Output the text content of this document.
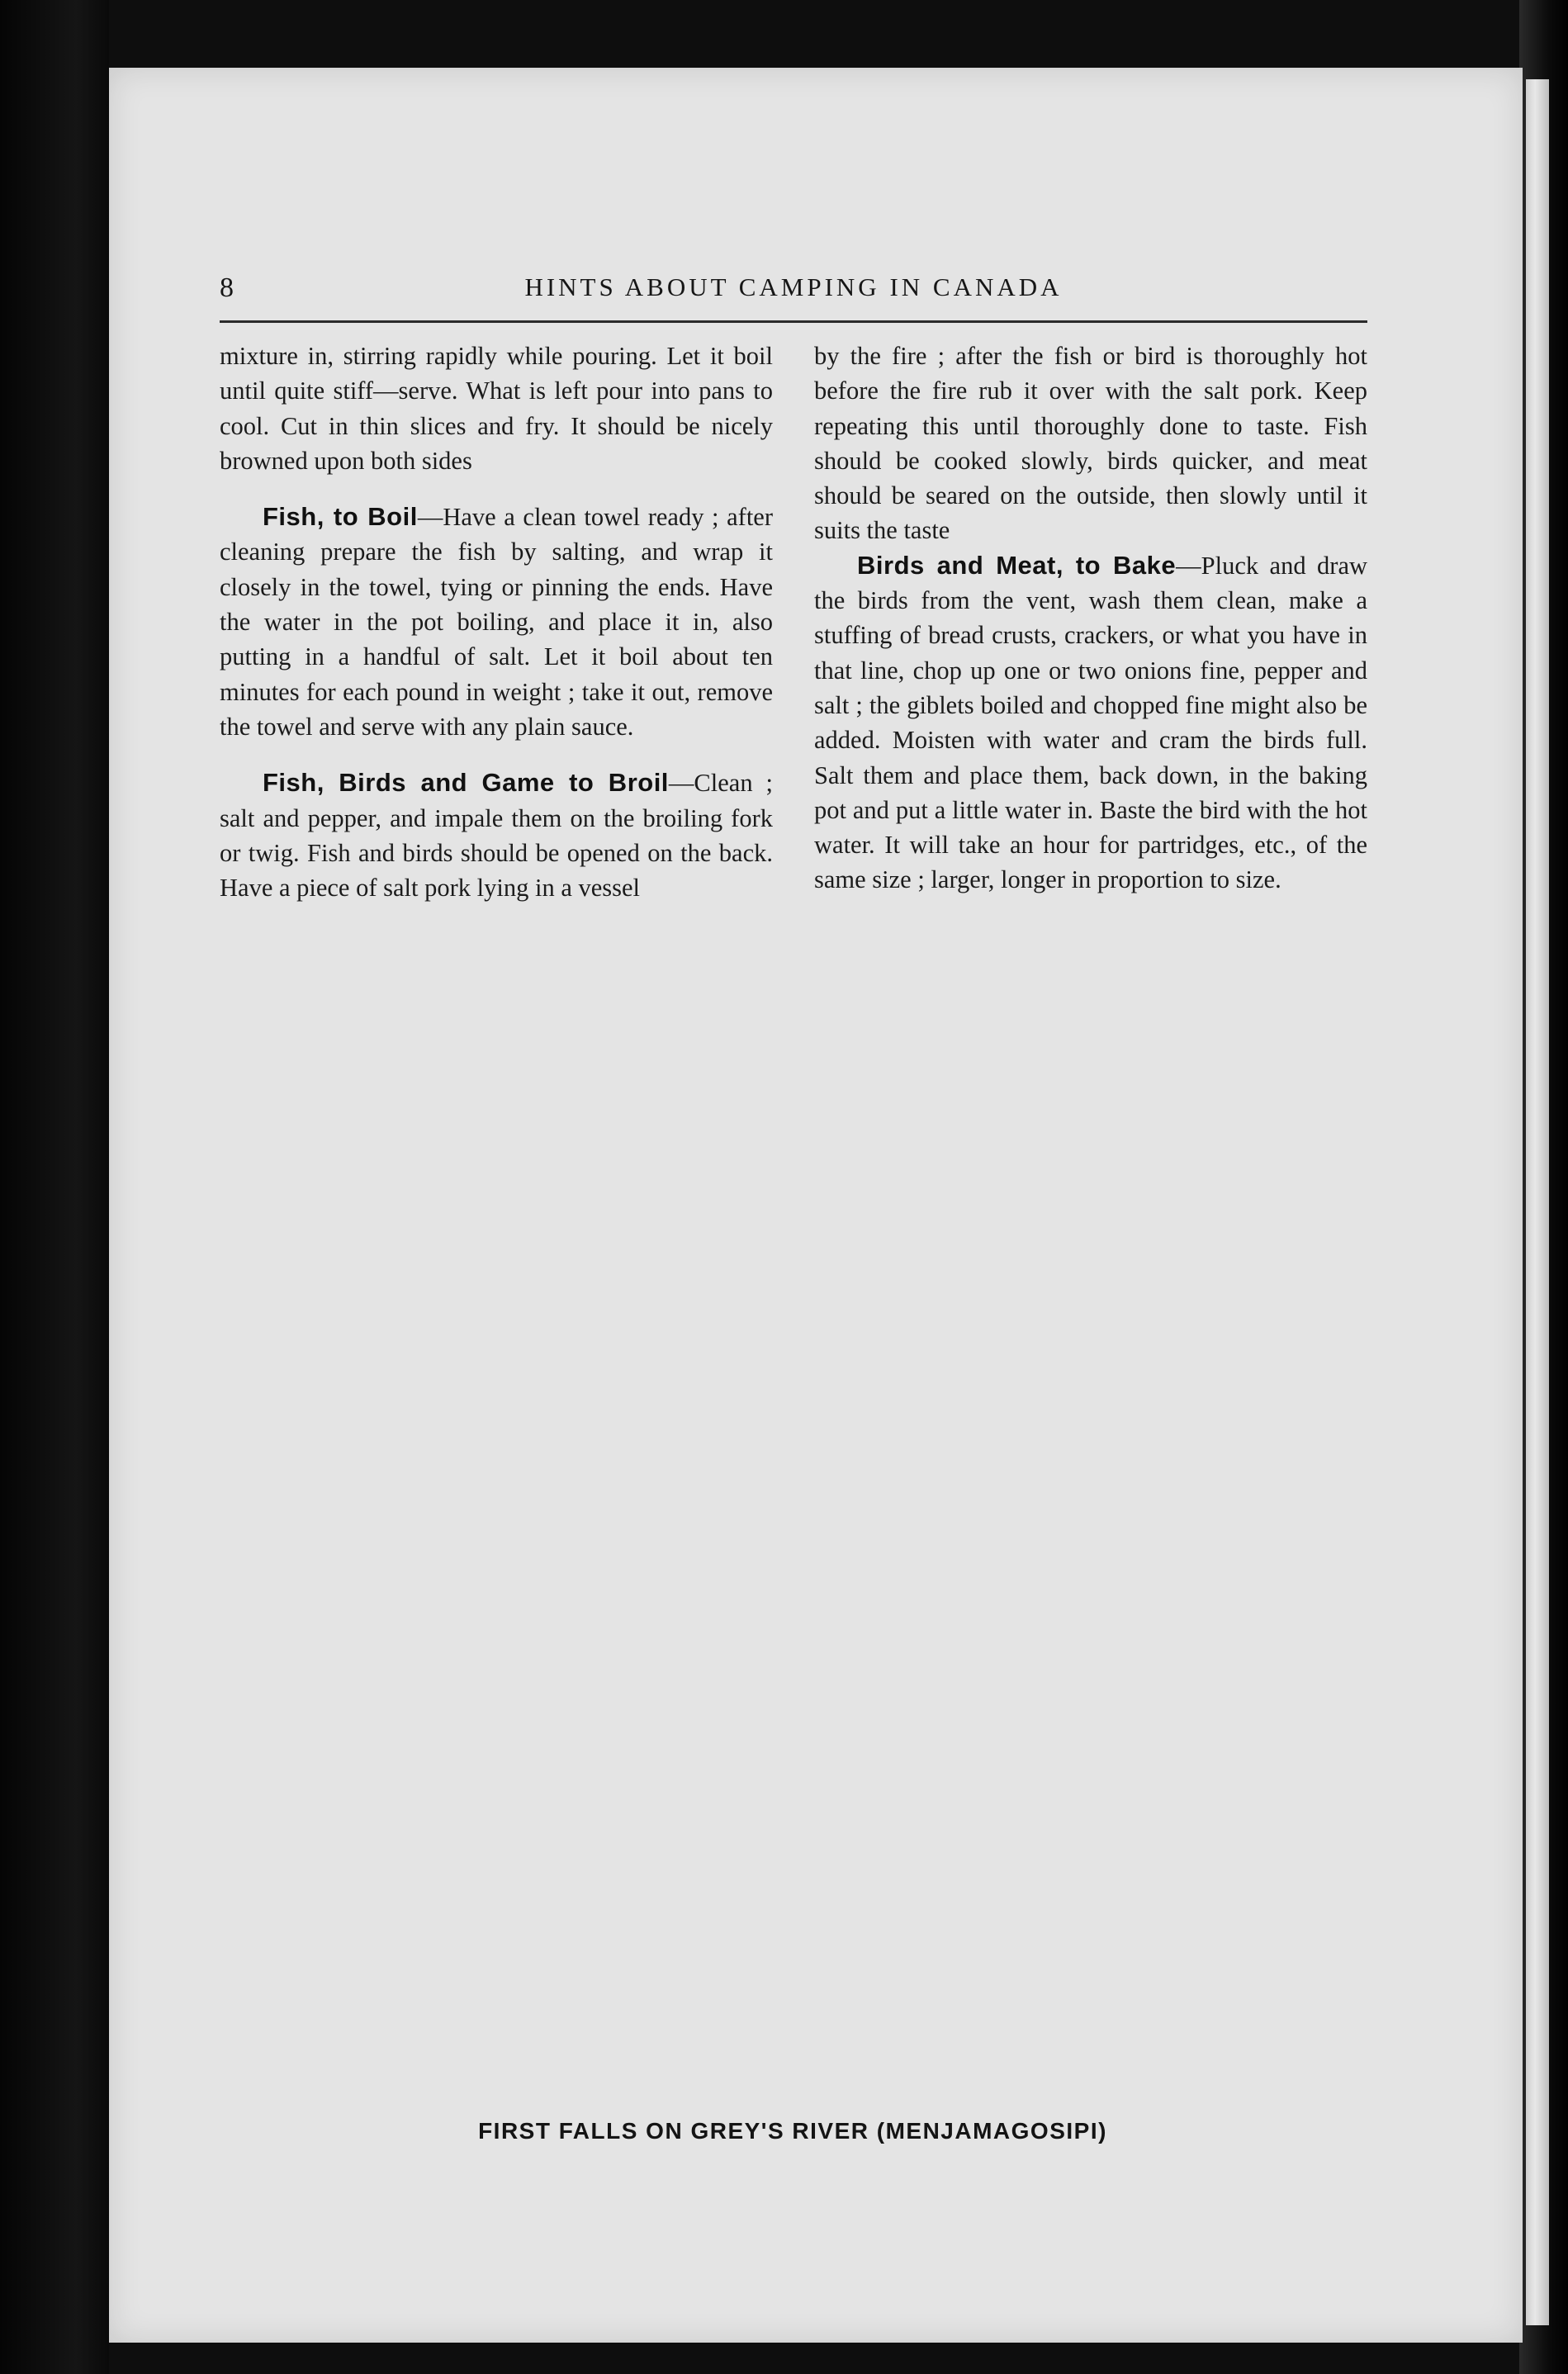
8	HINTS ABOUT CAMPING IN CANADA

mixture in, stirring rapidly while pouring. Let it boil until quite stiff—serve. What is left pour into pans to cool. Cut in thin slices and fry. It should be nicely browned upon both sides

Fish, to Boil—Have a clean towel ready ; after cleaning prepare the fish by salting, and wrap it closely in the towel, tying or pinning the ends. Have the water in the pot boiling, and place it in, also putting in a handful of salt. Let it boil about ten minutes for each pound in weight ; take it out, remove the towel and serve with any plain sauce.

Fish, Birds and Game to Broil—Clean ; salt and pepper, and impale them on the broiling fork or twig. Fish and birds should be opened on the back. Have a piece of salt pork lying in a vessel

by the fire ; after the fish or bird is thoroughly hot before the fire rub it over with the salt pork. Keep repeating this until thoroughly done to taste. Fish should be cooked slowly, birds quicker, and meat should be seared on the outside, then slowly until it suits the taste

Birds and Meat, to Bake—Pluck and draw the birds from the vent, wash them clean, make a stuffing of bread crusts, crackers, or what you have in that line, chop up one or two onions fine, pepper and salt ; the giblets boiled and chopped fine might also be added. Moisten with water and cram the birds full. Salt them and place them, back down, in the baking pot and put a little water in. Baste the bird with the hot water. It will take an hour for partridges, etc., of the same size ; larger, longer in proportion to size.

FIRST FALLS ON GREY'S RIVER (MENJAMAGOSIPI)
